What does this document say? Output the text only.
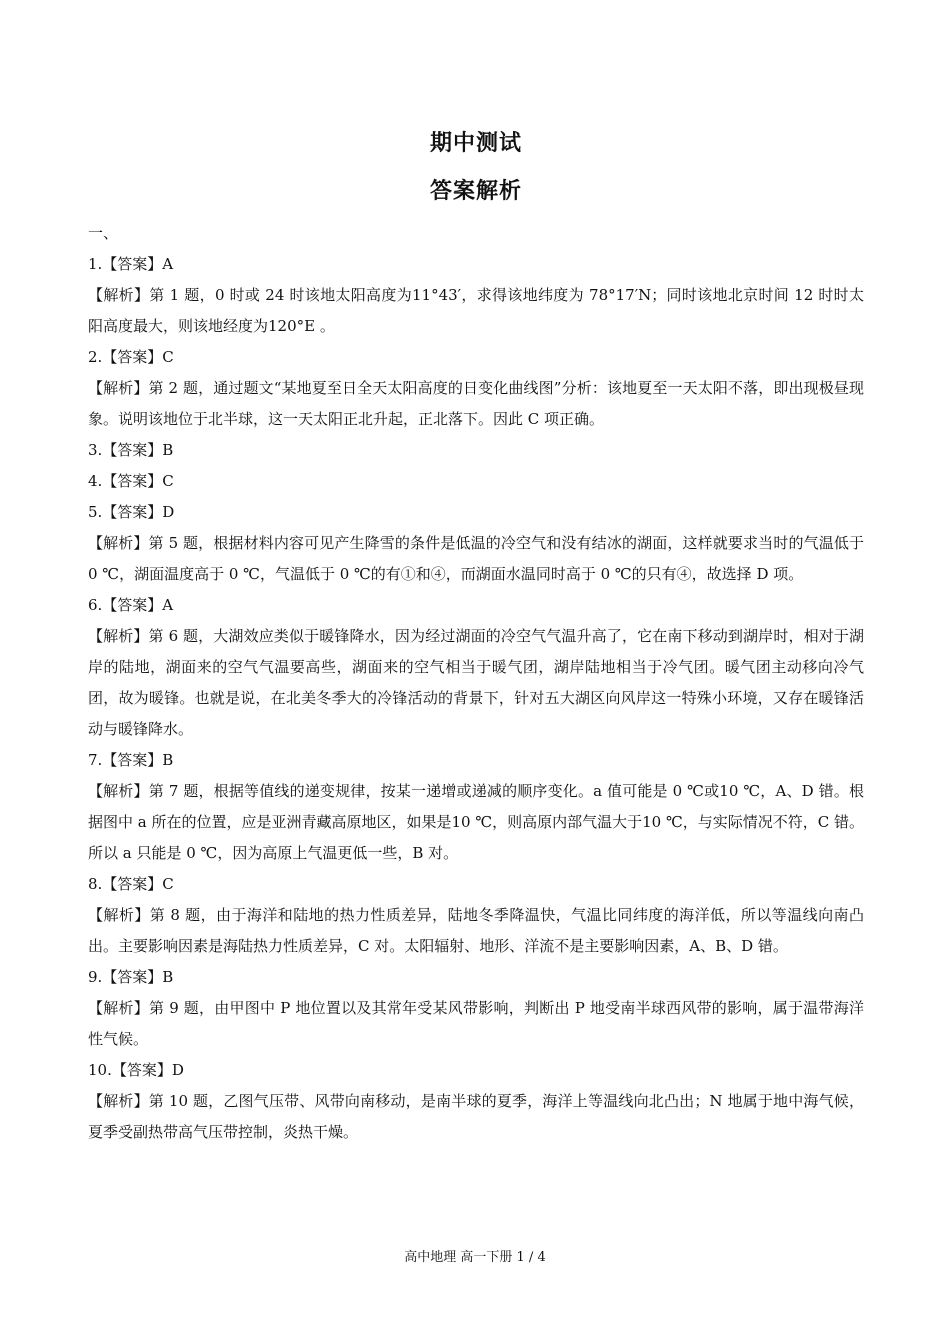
期中测试
答案解析
一、
1.【答案】A
【解析】第 1 题，0 时或 24 时该地太阳高度为11°43′，求得该地纬度为 78°17′N；同时该地北京时间 12 时时太阳高度最大，则该地经度为120°E 。
2.【答案】C
【解析】第 2 题，通过题文“某地夏至日全天太阳高度的日变化曲线图”分析：该地夏至一天太阳不落，即出现极昼现象。说明该地位于北半球，这一天太阳正北升起，正北落下。因此 C 项正确。
3.【答案】B
4.【答案】C
5.【答案】D
【解析】第 5 题，根据材料内容可见产生降雪的条件是低温的冷空气和没有结冰的湖面，这样就要求当时的气温低于 0 ℃，湖面温度高于 0 ℃，气温低于 0 ℃的有①和④，而湖面水温同时高于 0 ℃的只有④，故选择 D 项。
6.【答案】A
【解析】第 6 题，大湖效应类似于暖锋降水，因为经过湖面的冷空气气温升高了，它在南下移动到湖岸时，相对于湖岸的陆地，湖面来的空气气温要高些，湖面来的空气相当于暖气团，湖岸陆地相当于冷气团。暖气团主动移向冷气团，故为暖锋。也就是说，在北美冬季大的冷锋活动的背景下，针对五大湖区向风岸这一特殊小环境，又存在暖锋活动与暖锋降水。
7.【答案】B
【解析】第 7 题，根据等值线的递变规律，按某一递增或递减的顺序变化。a 值可能是 0 ℃或10 ℃，A、D 错。根据图中 a 所在的位置，应是亚洲青藏高原地区，如果是10 ℃，则高原内部气温大于10 ℃，与实际情况不符，C 错。所以 a 只能是 0 ℃，因为高原上气温更低一些，B 对。
8.【答案】C
【解析】第 8 题，由于海洋和陆地的热力性质差异，陆地冬季降温快，气温比同纬度的海洋低，所以等温线向南凸出。主要影响因素是海陆热力性质差异，C 对。太阳辐射、地形、洋流不是主要影响因素，A、B、D 错。
9.【答案】B
【解析】第 9 题，由甲图中 P 地位置以及其常年受某风带影响，判断出 P 地受南半球西风带的影响，属于温带海洋性气候。
10.【答案】D
【解析】第 10 题，乙图气压带、风带向南移动，是南半球的夏季，海洋上等温线向北凸出；N 地属于地中海气候，夏季受副热带高气压带控制，炎热干燥。
高中地理 高一下册 1 / 4
